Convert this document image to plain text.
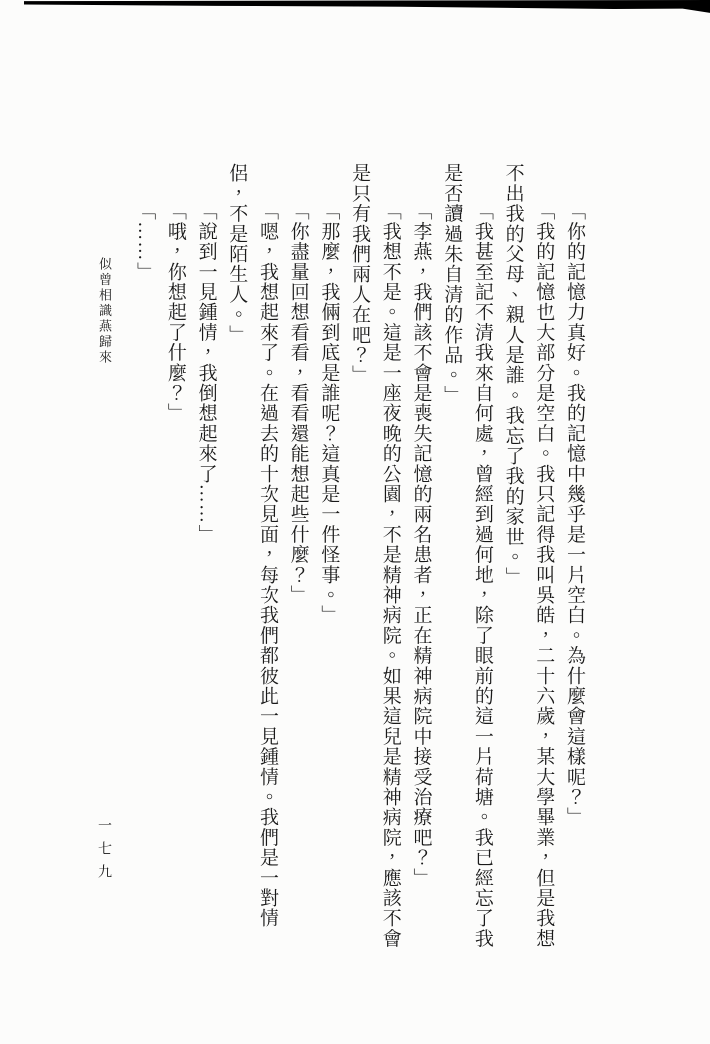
「你的記憶力真好。我的記憶中幾乎是一片空白。為什麼會這樣呢？」

「我的記憶也大部分是空白。我只記得我叫吳皓，二十六歲，某大學畢業，但是我想不出我的父母、親人是誰。我忘了我的家世。」

「我甚至記不清我來自何處，曾經到過何地，除了眼前的這一片荷塘。我已經忘了我是否讀過朱自清的作品。」

「李燕，我們該不會是喪失記憶的兩名患者，正在精神病院中接受治療吧？」

「我想不是。這是一座夜晚的公園，不是精神病院。如果這兒是精神病院，應該不會是只有我們兩人在吧？」

「那麼，我倆到底是誰呢？這真是一件怪事。」

「你盡量回想看看，看看還能想起些什麼？」

「嗯，我想起來了。在過去的十次見面，每次我們都彼此一見鍾情。我們是一對情侶，不是陌生人。」

「說到一見鍾情，我倒想起來了……」

「哦，你想起了什麼？」

「……」

似曾相識燕歸來
一七九
